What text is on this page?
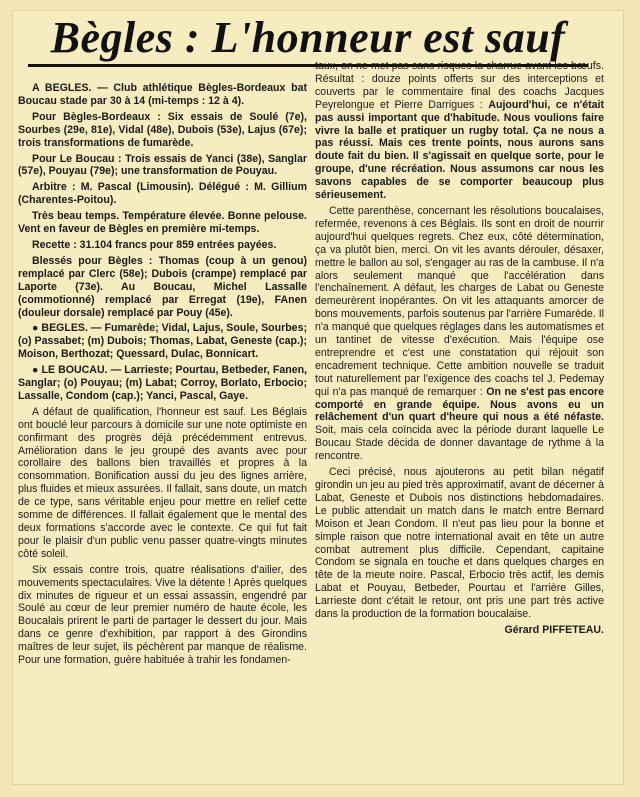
Bègles : L'honneur est sauf

A BEGLES. — Club athlétique Bègles-Bordeaux bat Boucau stade par 30 à 14 (mi-temps : 12 à 4).

Pour Bègles-Bordeaux : Six essais de Soulé (7e), Sourbes (29e, 81e), Vidal (48e), Dubois (53e), Lajus (67e); trois transformations de fumarède.

Pour Le Boucau : Trois essais de Yanci (38e), Sanglar (57e), Pouyau (79e); une transformation de Pouyau.

Arbitre : M. Pascal (Limousin). Délégué : M. Gillium (Charentes-Poitou).

Très beau temps. Température élevée. Bonne pelouse. Vent en faveur de Bègles en première mi-temps.

Recette : 31.104 francs pour 859 entrées payées.

Blessés pour Bègles : Thomas (coup à un genou) remplacé par Clerc (58e); Dubois (crampe) remplacé par Laporte (73e). Au Boucau, Michel Lassalle (commotionné) remplacé par Erregat (19e), FAnen (douleur dorsale) remplacé par Pouy (45e).

● BEGLES. — Fumarède; Vidal, Lajus, Soule, Sourbes; (o) Passabet; (m) Dubois; Thomas, Labat, Geneste (cap.); Moison, Berthozat; Quessard, Dulac, Bonnicart.

● LE BOUCAU. — Larrieste; Pourtau, Betbeder, Fanen, Sanglar; (o) Pouyau; (m) Labat; Corroy, Borlato, Erbocio; Lassalle, Condom (cap.); Yanci, Pascal, Gaye.

A défaut de qualification, l'honneur est sauf. Les Béglais ont bouclé leur parcours à domicile sur une note optimiste en confirmant des progrès déjà précédemment entrevus. Amélioration dans le jeu groupé des avants avec pour corollaire des ballons bien travaillés et propres à la consommation. Bonification aussi du jeu des lignes arrière, plus fluides et mieux assurées. Il fallait, sans doute, un match de ce type, sans véritable enjeu pour mettre en relief cette somme de différences. Il fallait également que le mental des deux formations s'accorde avec le contexte. Ce qui fut fait pour le plaisir d'un public venu passer quatre-vingts minutes côté soleil.

Six essais contre trois, quatre réalisations d'ailier, des mouvements spectaculaires. Vive la détente ! Après quelques dix minutes de rigueur et un essai assassin, engendré par Soulé au cœur de leur premier numéro de haute école, les Boucalais prirent le parti de partager le dessert du jour. Mais dans ce genre d'exhibition, par rapport à des Girondins maîtres de leur sujet, ils péchèrent par manque de réalisme. Pour une formation, guère habituée à trahir les fondamen-

taux, on ne met pas sans risques la charrue avant les bœufs. Résultat : douze points offerts sur des interceptions et couverts par le commentaire final des coachs Jacques Peyrelongue et Pierre Darrigues : Aujourd'hui, ce n'était pas aussi important que d'habitude. Nous voulions faire vivre la balle et pratiquer un rugby total. Ça ne nous a pas réussi. Mais ces trente points, nous aurons sans doute fait du bien. Il s'agissait en quelque sorte, pour le groupe, d'une récréation. Nous assumons car nous les savons capables de se comporter beaucoup plus sérieusement.

Cette parenthèse, concernant les résolutions boucalaises, refermée, revenons à ces Béglais. Ils sont en droit de nourrir aujourd'hui quelques regrets. Chez eux, côté détermination, ça va plutôt bien, merci. On vit les avants dérouler, désaxer, mettre le ballon au sol, s'engager au ras de la cambuse. Il n'a alors seulement manqué que l'accélération dans l'enchaînement. A défaut, les charges de Labat ou Geneste demeurèrent inopérantes. On vit les attaquants amorcer de bons mouvements, parfois soutenus par l'arrière Fumarède. Il n'a manqué que quelques réglages dans les automatismes et un tantinet de vitesse d'exécution. Mais l'équipe ose entreprendre et c'est une constatation qui réjouit son encadrement technique. Cette ambition nouvelle se traduit tout naturellement par l'exigence des coachs tel J. Pedemay qui n'a pas manqué de remarquer : On ne s'est pas encore comporté en grande équipe. Nous avons eu un relâchement d'un quart d'heure qui nous a été néfaste. Soit, mais cela coïncida avec la période durant laquelle Le Boucau Stade décida de donner davantage de rythme à la rencontre.

Ceci précisé, nous ajouterons au petit bilan négatif girondin un jeu au pied très approximatif, avant de décerner à Labat, Geneste et Dubois nos distinctions hebdomadaires. Le public attendait un match dans le match entre Bernard Moison et Jean Condom. Il n'eut pas lieu pour la bonne et simple raison que notre international avait en tête un autre combat autrement plus difficile. Cependant, capitaine Condom se signala en touche et dans quelques charges en tête de la meute noire. Pascal, Erbocio très actif, les demis Labat et Pouyau, Betbeder, Pourtau et l'arrière Gilles, Larrieste dont c'était le retour, ont pris une part très active dans la production de la formation boucalaise.

Gérard PIFFETEAU.
